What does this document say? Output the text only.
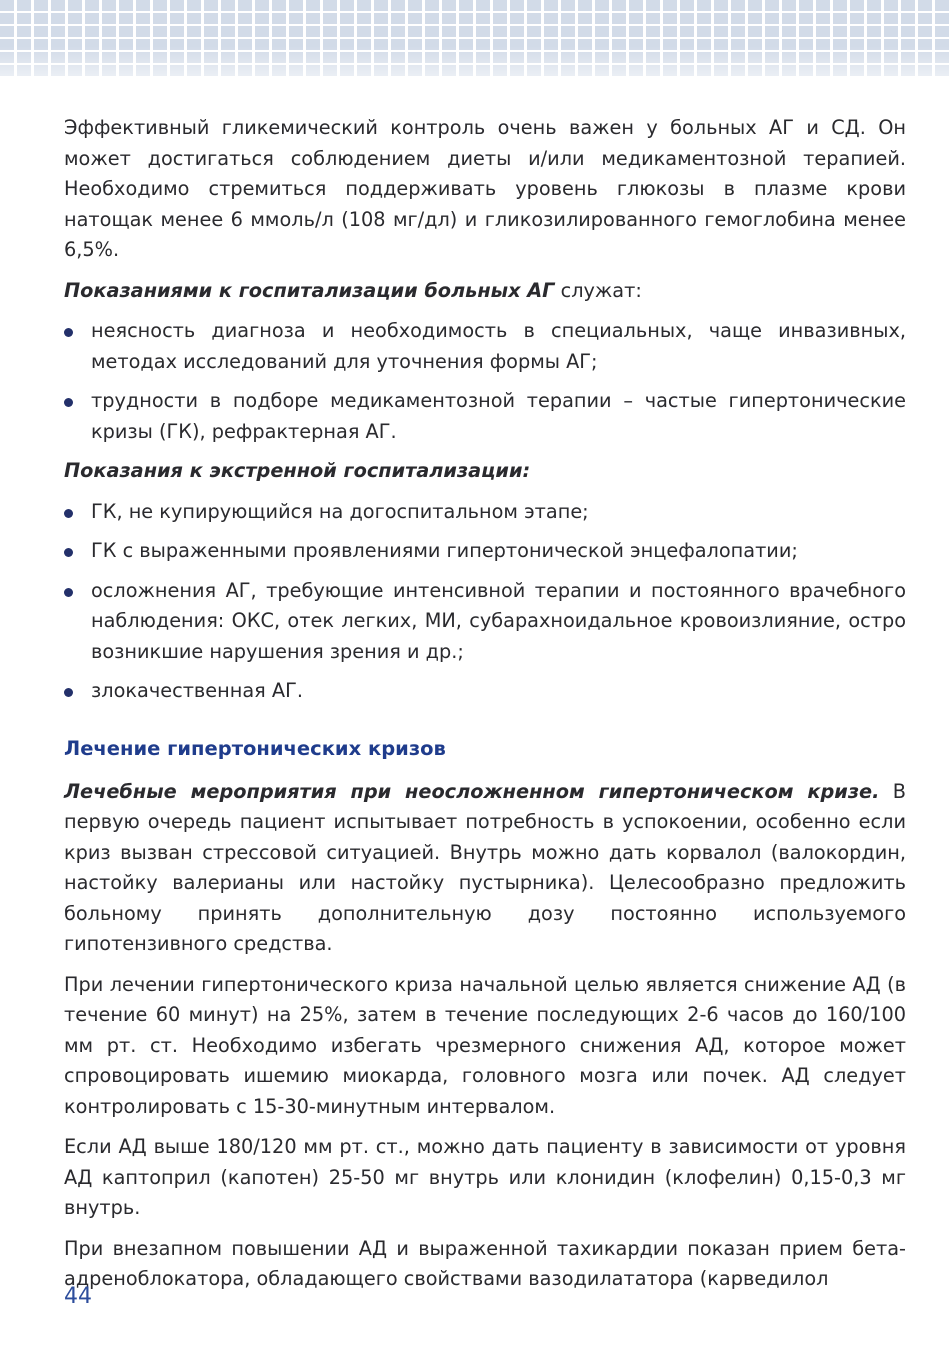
Эффективный гликемический контроль очень важен у больных АГ и СД. Он может достигаться соблюдением диеты и/или медикаментозной терапией. Необходимо стремиться поддерживать уровень глюкозы в плазме крови натощак менее 6 ммоль/л (108 мг/дл) и гликозилированного гемоглобина менее 6,5%.

Показаниями к госпитализации больных АГ служат:

неясность диагноза и необходимость в специальных, чаще инвазивных, методах исследований для уточнения формы АГ;
трудности в подборе медикаментозной терапии – частые гипертонические кризы (ГК), рефрактерная АГ.

Показания к экстренной госпитализации:

ГК, не купирующийся на догоспитальном этапе;
ГК с выраженными проявлениями гипертонической энцефалопатии;
осложнения АГ, требующие интенсивной терапии и постоянного врачебного наблюдения: ОКС, отек легких, МИ, субарахноидальное кровоизлияние, остро возникшие нарушения зрения и др.;
злокачественная АГ.
Лечение гипертонических кризов

Лечебные мероприятия при неосложненном гипертоническом кризе. В первую очередь пациент испытывает потребность в успокоении, особенно если криз вызван стрессовой ситуацией. Внутрь можно дать корвалол (валокордин, настойку валерианы или настойку пустырника). Целесообразно предложить больному принять дополнительную дозу постоянно используемого гипотензивного средства.

При лечении гипертонического криза начальной целью является снижение АД (в течение 60 минут) на 25%, затем в течение последующих 2-6 часов до 160/100 мм рт. ст. Необходимо избегать чрезмерного снижения АД, которое может спровоцировать ишемию миокарда, головного мозга или почек. АД следует контролировать с 15-30-минутным интервалом.

Если АД выше 180/120 мм рт. ст., можно дать пациенту в зависимости от уровня АД каптоприл (капотен) 25-50 мг внутрь или клонидин (клофелин) 0,15-0,3 мг внутрь.

При внезапном повышении АД и выраженной тахикардии показан прием бета-адреноблокатора, обладающего свойствами вазодилататора (карведилол

44
